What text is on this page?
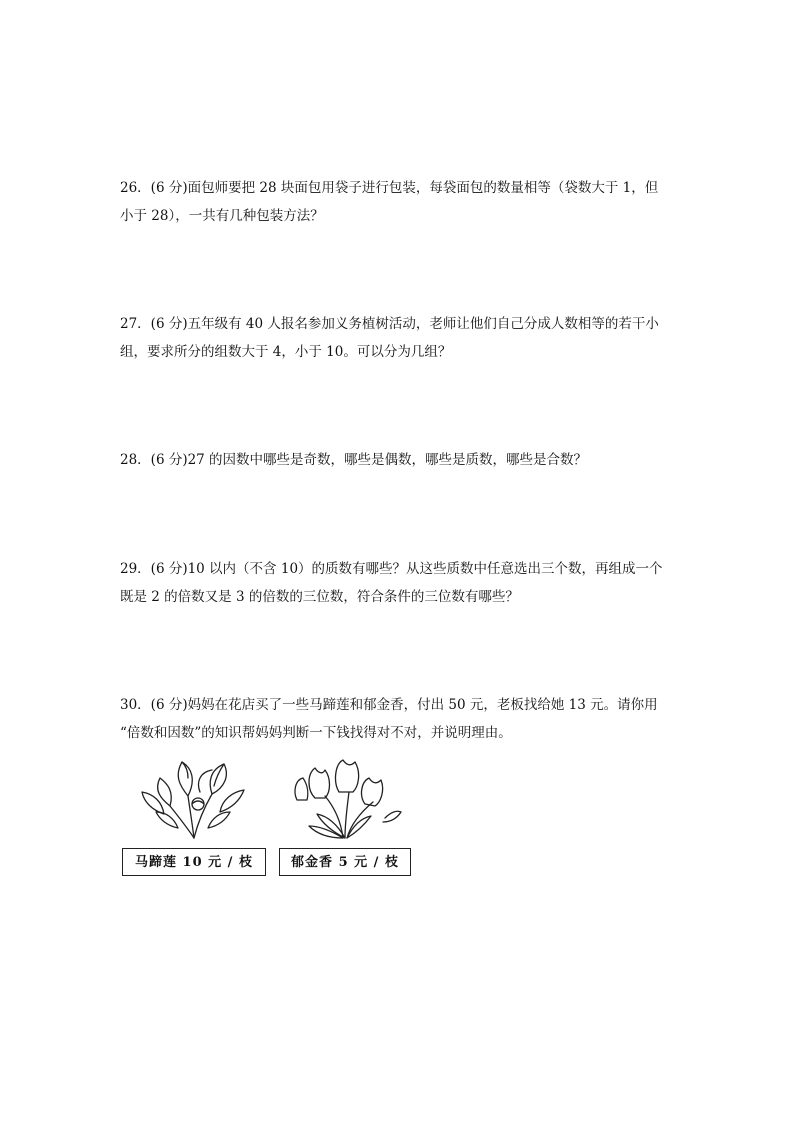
26．(6 分)面包师要把 28 块面包用袋子进行包装，每袋面包的数量相等（袋数大于 1，但
小于 28），一共有几种包装方法？
27．(6 分)五年级有 40 人报名参加义务植树活动，老师让他们自己分成人数相等的若干小
组，要求所分的组数大于 4，小于 10。可以分为几组？
28．(6 分)27 的因数中哪些是奇数，哪些是偶数，哪些是质数，哪些是合数？
29．(6 分)10 以内（不含 10）的质数有哪些？从这些质数中任意选出三个数，再组成一个
既是 2 的倍数又是 3 的倍数的三位数，符合条件的三位数有哪些？
30．(6 分)妈妈在花店买了一些马蹄莲和郁金香，付出 50 元，老板找给她 13 元。请你用
“倍数和因数”的知识帮妈妈判断一下钱找得对不对，并说明理由。
马蹄莲 10 元 / 枝	郁金香 5 元 / 枝
